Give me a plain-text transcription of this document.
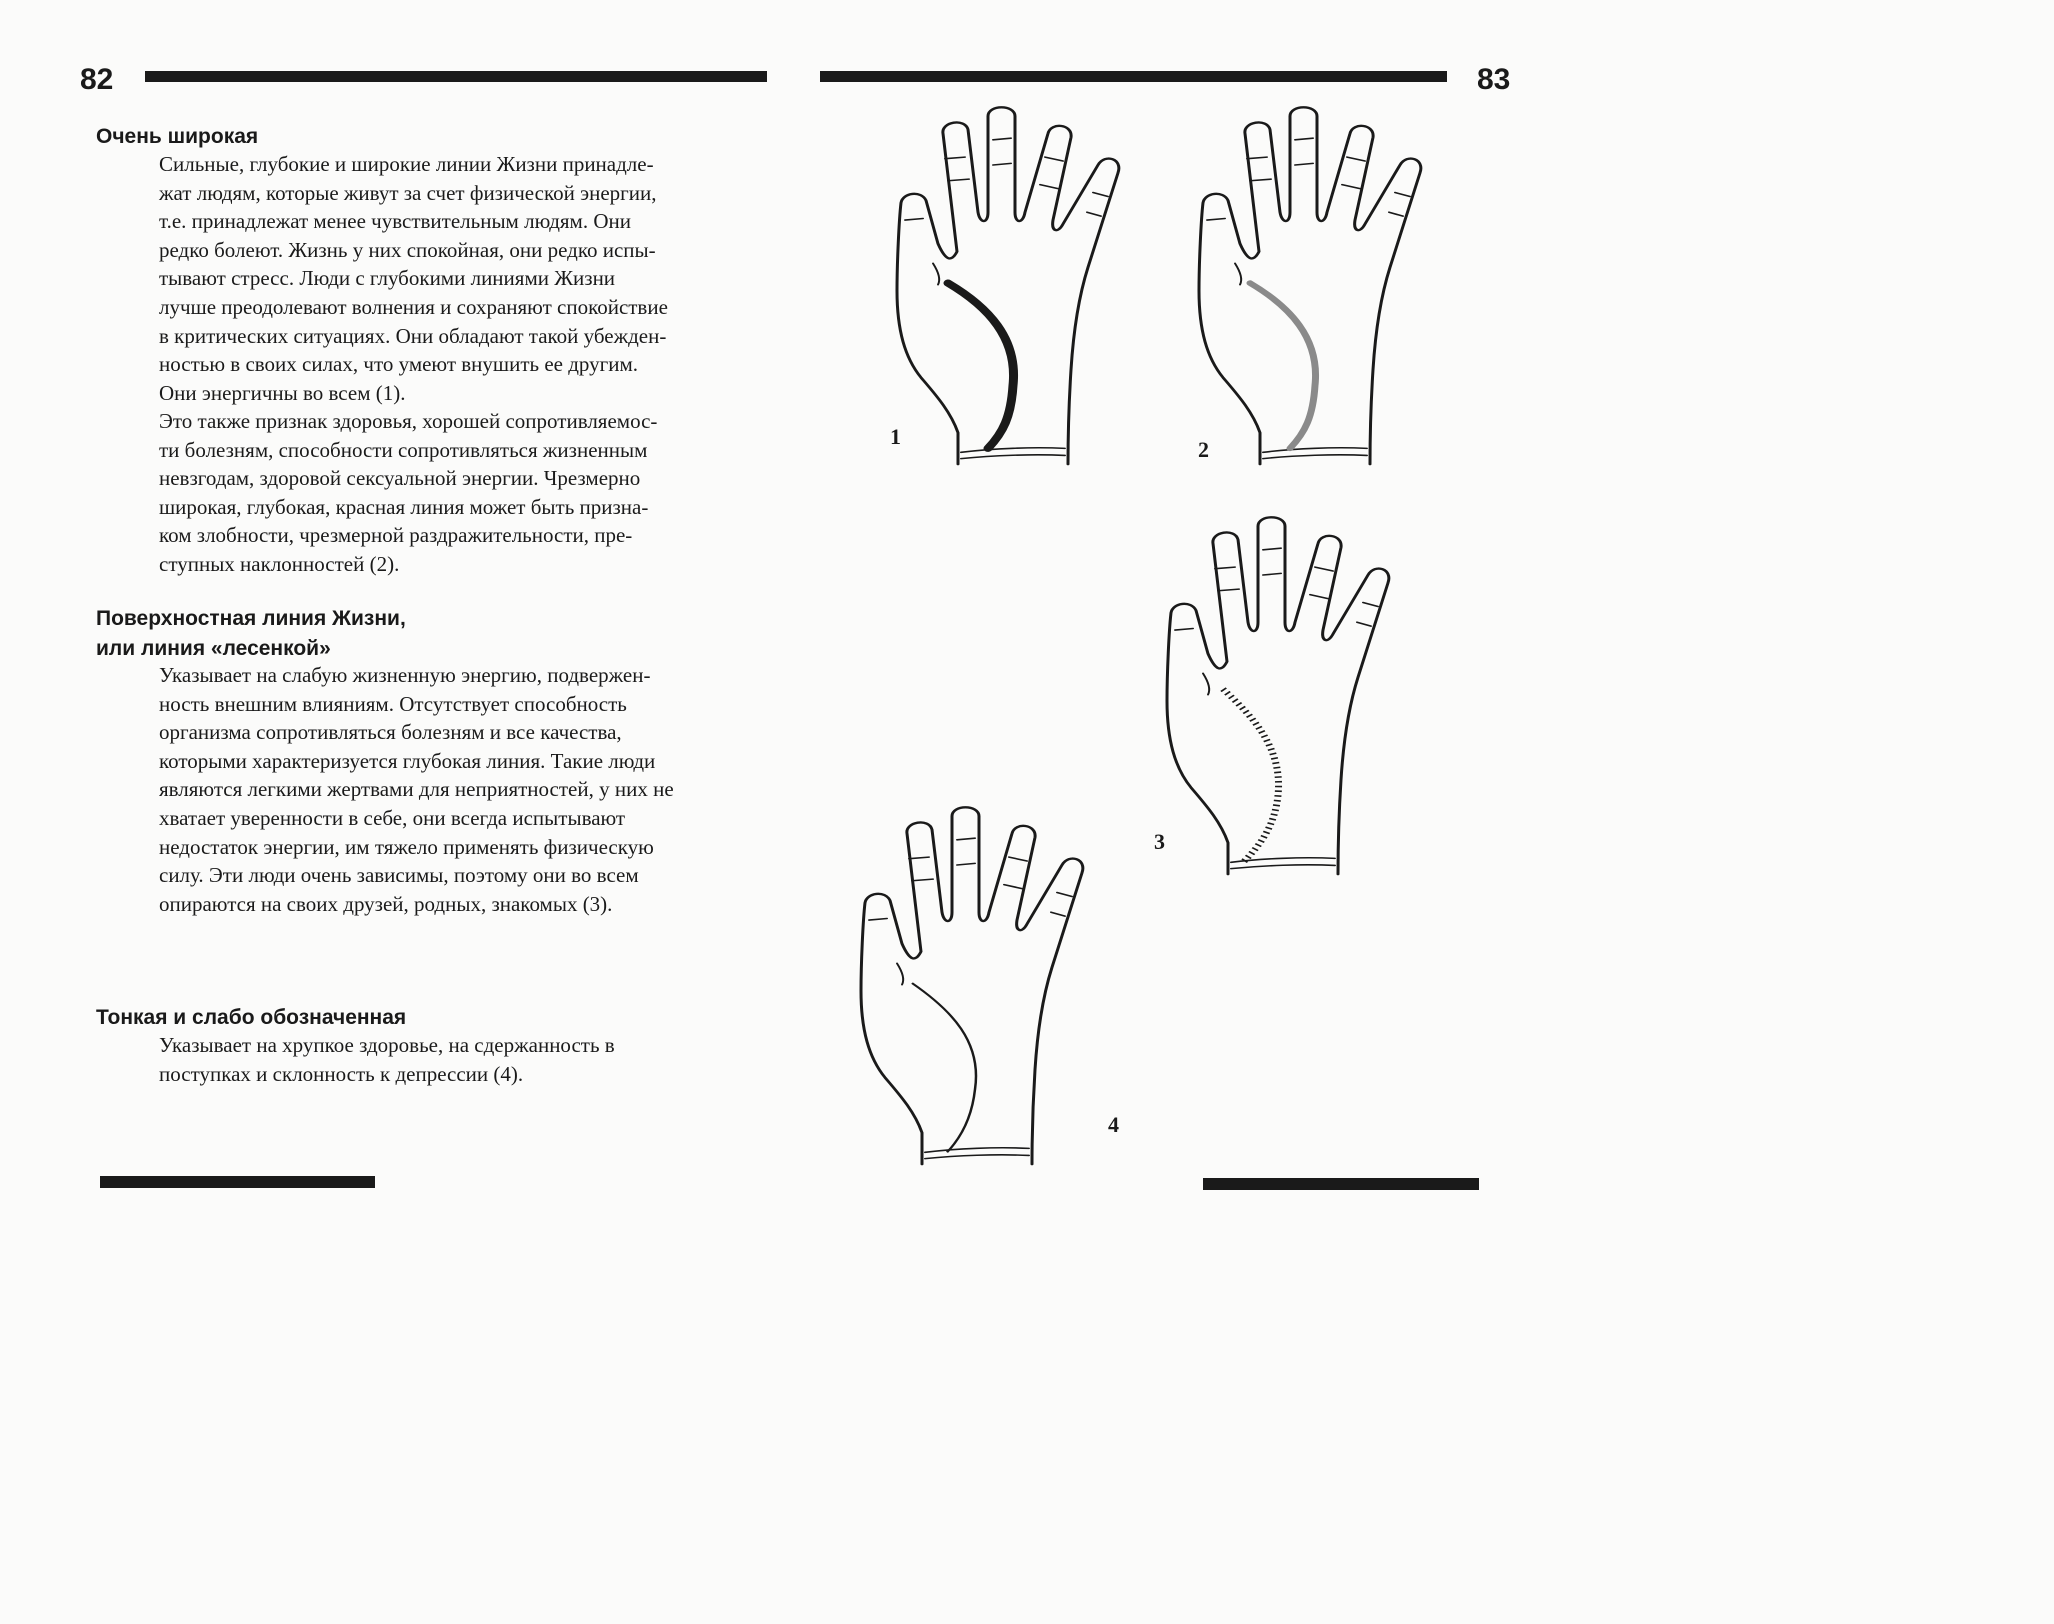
82
Очень широкая

Сильные, глубокие и широкие линии Жизни принадле-
жат людям, которые живут за счет физической энергии,
т.е. принадлежат менее чувствительным людям. Они
редко болеют. Жизнь у них спокойная, они редко испы-
тывают стресс. Люди с глубокими линиями Жизни
лучше преодолевают волнения и сохраняют спокойствие
в критических ситуациях. Они обладают такой убежден-
ностью в своих силах, что умеют внушить ее другим.
Они энергичны во всем (1).

Это также признак здоровья, хорошей сопротивляемос-
ти болезням, способности сопротивляться жизненным
невзгодам, здоровой сексуальной энергии. Чрезмерно
широкая, глубокая, красная линия может быть призна-
ком злобности, чрезмерной раздражительности, пре-
ступных наклонностей (2).

Поверхностная линия Жизни,
или линия «лесенкой»

Указывает на слабую жизненную энергию, подвержен-
ность внешним влияниям. Отсутствует способность
организма сопротивляться болезням и все качества,
которыми характеризуется глубокая линия. Такие люди
являются легкими жертвами для неприятностей, у них не
хватает уверенности в себе, они всегда испытывают
недостаток энергии, им тяжело применять физическую
силу. Эти люди очень зависимы, поэтому они во всем
опираются на своих друзей, родных, знакомых (3).

Тонкая и слабо обозначенная

Указывает на хрупкое здоровье, на сдержанность в
поступках и склонность к депрессии (4).

83
1
2
3
4
